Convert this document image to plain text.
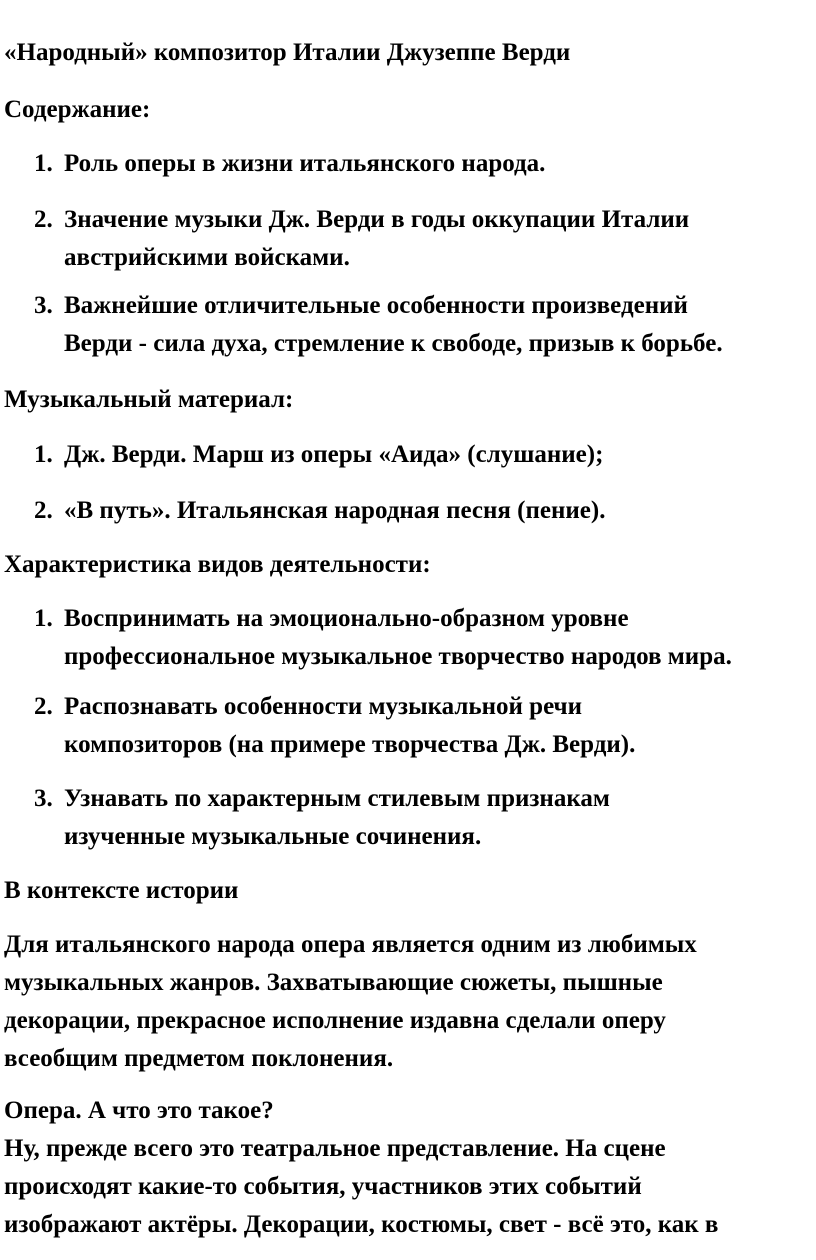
«Народный» композитор Италии Джузеппе Верди
Содержание:
1. Роль оперы в жизни итальянского народа.
2. Значение музыки Дж. Верди в годы оккупации Италии
австрийскими войсками.
3. Важнейшие отличительные особенности произведений
Верди - сила духа, стремление к свободе, призыв к борьбе.
Музыкальный материал:
1. Дж. Верди. Марш из оперы «Аида» (слушание);
2. «В путь». Итальянская народная песня (пение).
Характеристика видов деятельности:
1. Воспринимать на эмоционально-образном уровне
профессиональное музыкальное творчество народов мира.
2. Распознавать особенности музыкальной речи
композиторов (на примере творчества Дж. Верди).
3. Узнавать по характерным стилевым признакам
изученные музыкальные сочинения.
В контексте истории
Для итальянского народа опера является одним из любимых
музыкальных жанров. Захватывающие сюжеты, пышные
декорации, прекрасное исполнение издавна сделали оперу
всеобщим предметом поклонения.
Опера. А что это такое?
Ну, прежде всего это театральное представление. На сцене
происходят какие-то события, участников этих событий
изображают актёры. Декорации, костюмы, свет - всё это, как в
